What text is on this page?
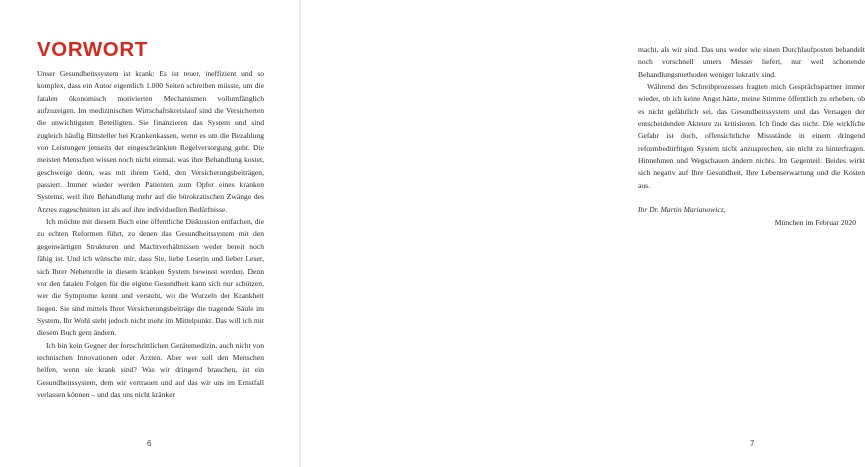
VORWORT

Unser Gesundheitssystem ist krank: Es ist teuer, ineffizient und so komplex, dass ein Autor eigentlich 1.000 Seiten schreiben müsste, um die fatalen ökonomisch motivierten Mechanismen vollumfänglich aufzuzeigen. Im medizinischen Wirtschaftskreislauf sind die Versicherten die unwichtigsten Beteiligten. Sie finanzieren das System und sind zugleich häufig Bittsteller bei Krankenkassen, wenn es um die Bezahlung von Leistungen jenseits der eingeschränkten Regelversorgung geht. Die meisten Menschen wissen noch nicht einmal, was ihre Behandlung kostet, geschweige denn, was mit ihrem Geld, den Versicherungsbeiträgen, passiert. Immer wieder werden Patienten zum Opfer eines kranken Systems, weil ihre Behandlung mehr auf die bürokratischen Zwänge des Arztes zugeschnitten ist als auf ihre individuellen Bedürfnisse.

Ich möchte mit diesem Buch eine öffentliche Diskussion entfachen, die zu echten Reformen führt, zu denen das Gesundheitssystem mit den gegenwärtigen Strukturen und Machtverhältnissen weder bereit noch fähig ist. Und ich wünsche mir, dass Sie, liebe Leserin und lieber Leser, sich Ihrer Nebenrolle in diesem kranken System bewusst werden. Denn vor den fatalen Folgen für die eigene Gesundheit kann sich nur schützen, wer die Symptome kennt und versteht, wo die Wurzeln der Krankheit liegen. Sie sind mittels Ihrer Versicherungsbeiträge die tragende Säule im System, Ihr Wohl steht jedoch nicht mehr im Mittelpunkt. Das will ich mit diesem Buch gern ändern.

Ich bin kein Gegner der fortschrittlichen Gerätemedizin, auch nicht von technischen Innovationen oder Ärzten. Aber wer soll den Menschen helfen, wenn sie krank sind? Was wir dringend brauchen, ist ein Gesundheitssystem, dem wir vertrauen und auf das wir uns im Ernstfall verlassen können – und das uns nicht kränker

6

macht, als wir sind. Das uns weder wie einen Durchlaufposten behandelt noch vorschnell unters Messer liefert, nur weil schonende Behandlungsmethoden weniger lukrativ sind.

Während des Schreibprozesses fragten mich Gesprächspartner immer wieder, ob ich keine Angst hätte, meine Stimme öffentlich zu erheben, ob es nicht gefährlich sei, das Gesundheitssystem und das Versagen der entscheidenden Akteure zu kritisieren. Ich finde das nicht. Die wirkliche Gefahr ist doch, offensichtliche Missstände in einem dringend reformbedürftigen System nicht anzusprechen, sie nicht zu hinterfragen. Hinnehmen und Wegschauen ändern nichts. Im Gegenteil: Beides wirkt sich negativ auf Ihre Gesundheit, Ihre Lebenserwartung und die Kosten aus.

Ihr Dr. Martin Marianowicz,

München im Februar 2020

7
